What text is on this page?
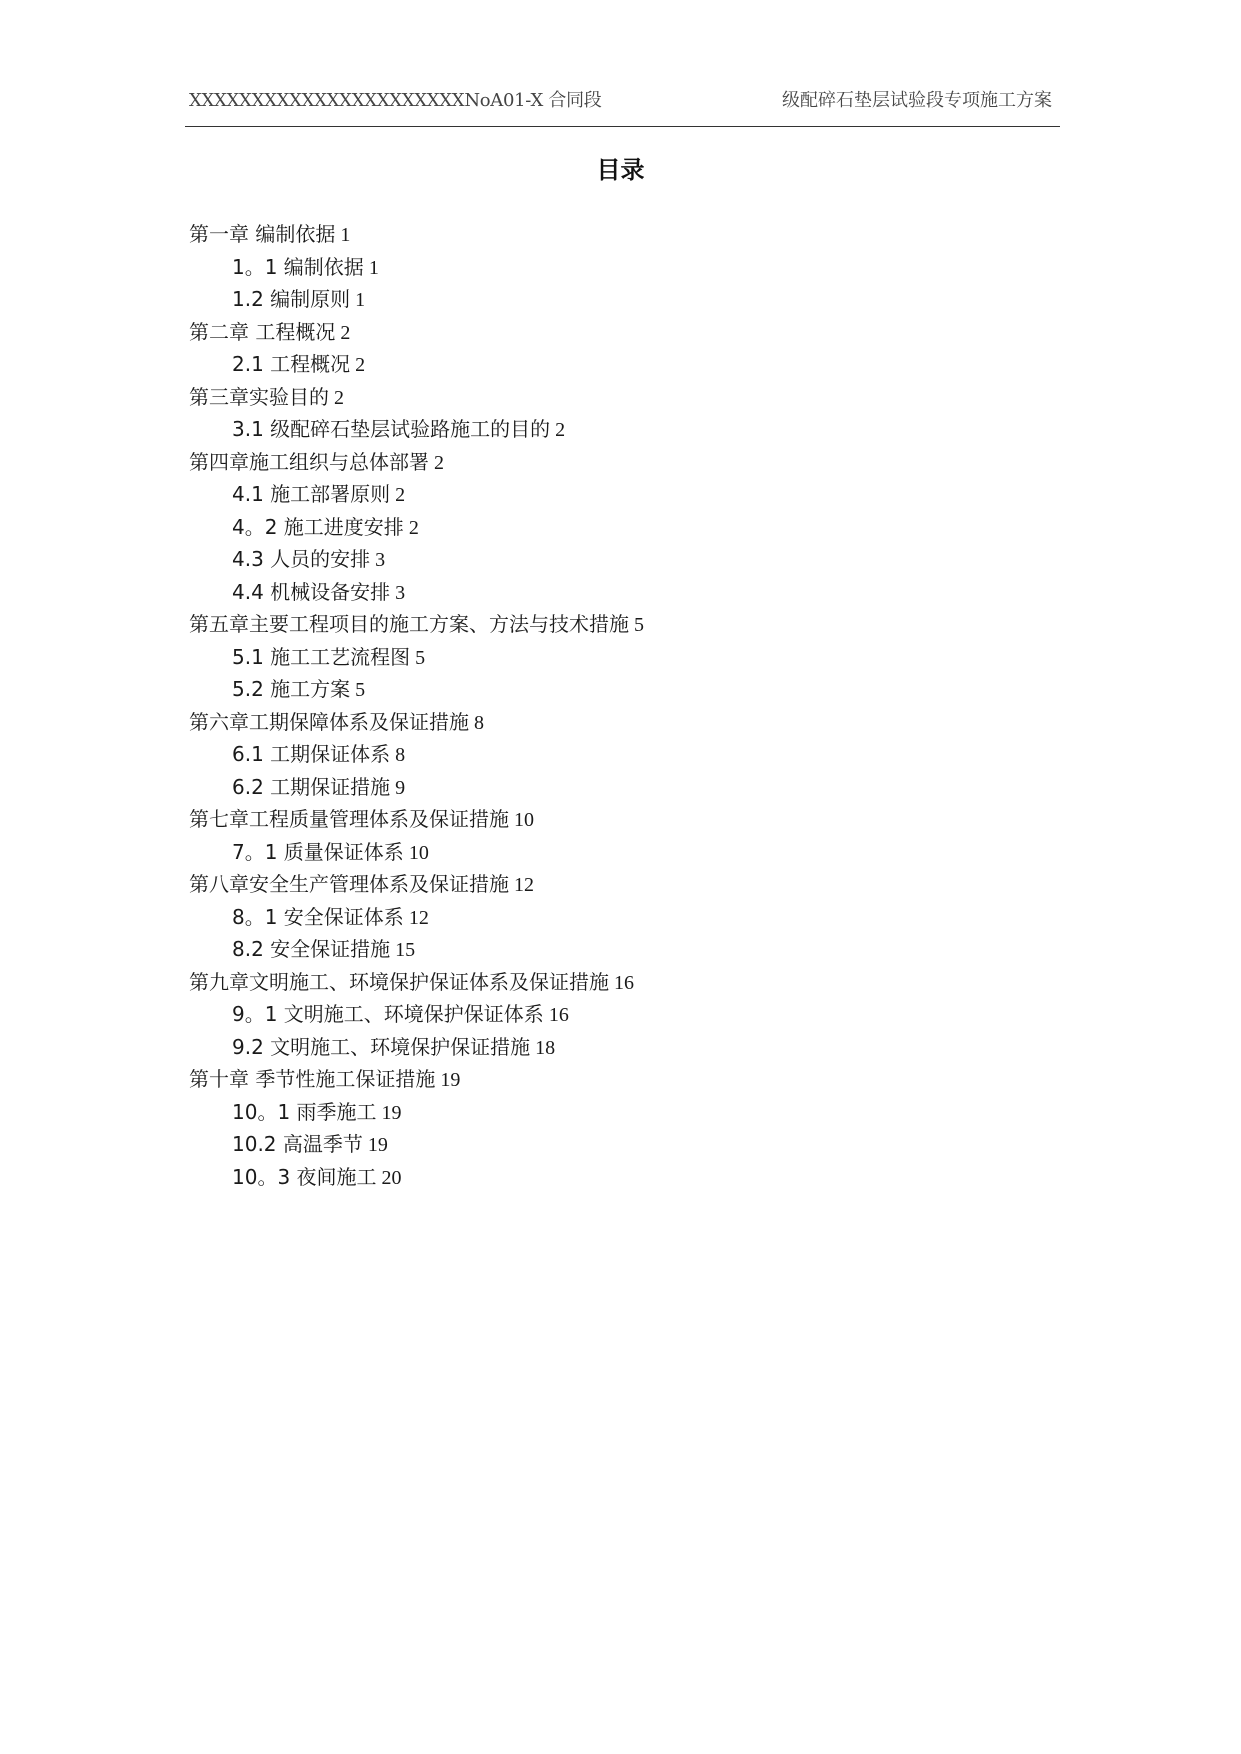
XXXXXXXXXXXXXXXXXXXXXXNoA01-X 合同段	级配碎石垫层试验段专项施工方案
目录
第一章 编制依据 1
1。1 编制依据 1
1.2 编制原则 1
第二章 工程概况 2
2.1 工程概况 2
第三章实验目的 2
3.1 级配碎石垫层试验路施工的目的 2
第四章施工组织与总体部署 2
4.1 施工部署原则 2
4。2 施工进度安排 2
4.3 人员的安排 3
4.4 机械设备安排 3
第五章主要工程项目的施工方案、方法与技术措施 5
5.1 施工工艺流程图 5
5.2 施工方案 5
第六章工期保障体系及保证措施 8
6.1 工期保证体系 8
6.2 工期保证措施 9
第七章工程质量管理体系及保证措施 10
7。1 质量保证体系 10
第八章安全生产管理体系及保证措施 12
8。1 安全保证体系 12
8.2 安全保证措施 15
第九章文明施工、环境保护保证体系及保证措施 16
9。1 文明施工、环境保护保证体系 16
9.2 文明施工、环境保护保证措施 18
第十章 季节性施工保证措施 19
10。1 雨季施工 19
10.2 高温季节 19
10。3 夜间施工 20
